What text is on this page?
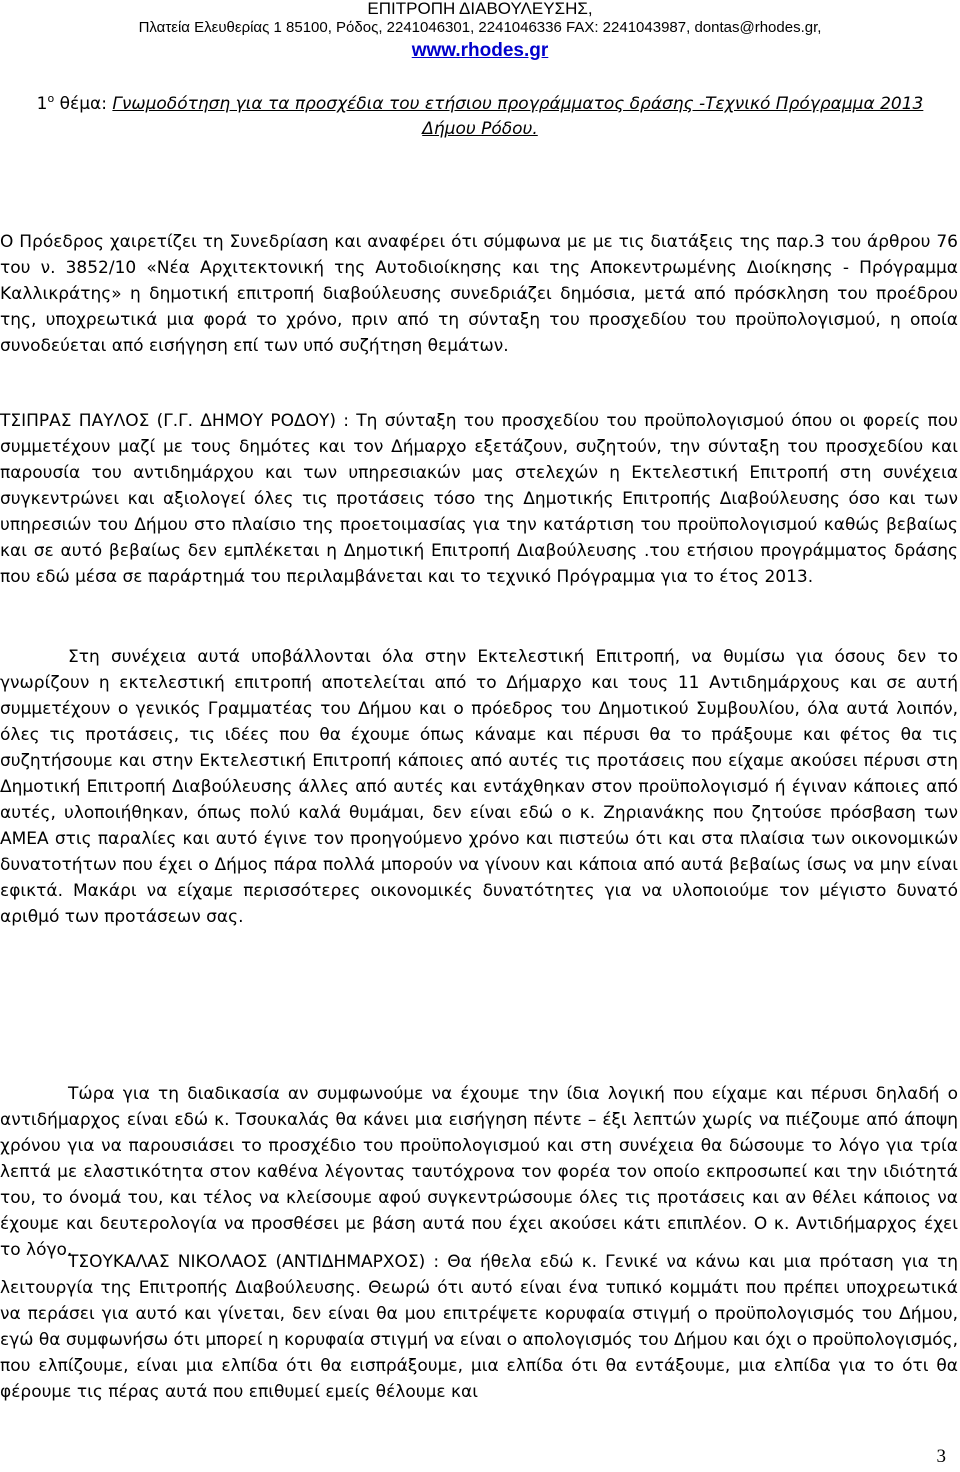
ΕΠΙΤΡΟΠΗ ΔΙΑΒΟΥΛΕΥΣΗΣ,
Πλατεία Ελευθερίας 1 85100, Ρόδος, 2241046301, 2241046336 FAX: 2241043987, dontas@rhodes.gr,
www.rhodes.gr
$1^o$ θέμα: Γνωμοδότηση για τα προσχέδια του ετήσιου προγράμματος δράσης -Τεχνικό Πρόγραμμα 2013 Δήμου Ρόδου.

Ο Πρόεδρος χαιρετίζει τη Συνεδρίαση και αναφέρει ότι σύμφωνα με με τις διατάξεις της παρ.3 του άρθρου 76 του ν. 3852/10 «Νέα Αρχιτεκτονική της Αυτοδιοίκησης και της Αποκεντρωμένης Διοίκησης - Πρόγραμμα Καλλικράτης» η δημοτική επιτροπή διαβούλευσης συνεδριάζει δημόσια, μετά από πρόσκληση του προέδρου της, υποχρεωτικά μια φορά το χρόνο, πριν από τη σύνταξη του προσχεδίου του προϋπολογισμού, η οποία συνοδεύεται από εισήγηση επί των υπό συζήτηση θεμάτων.

ΤΣΙΠΡΑΣ ΠΑΥΛΟΣ (Γ.Γ. ΔΗΜΟΥ ΡΟΔΟΥ) : Τη σύνταξη του προσχεδίου του προϋπολογισμού όπου οι φορείς που συμμετέχουν μαζί με τους δημότες και τον Δήμαρχο εξετάζουν, συζητούν, την σύνταξη του προσχεδίου και παρουσία του αντιδημάρχου και των υπηρεσιακών μας στελεχών η Εκτελεστική Επιτροπή στη συνέχεια συγκεντρώνει και αξιολογεί όλες τις προτάσεις τόσο της Δημοτικής Επιτροπής Διαβούλευσης όσο και των υπηρεσιών του Δήμου στο πλαίσιο της προετοιμασίας για την κατάρτιση του προϋπολογισμού καθώς βεβαίως και σε αυτό βεβαίως δεν εμπλέκεται η Δημοτική Επιτροπή Διαβούλευσης .του ετήσιου προγράμματος δράσης που εδώ μέσα σε παράρτημά του περιλαμβάνεται και το τεχνικό Πρόγραμμα για το έτος 2013.

Στη συνέχεια αυτά υποβάλλονται όλα στην Εκτελεστική Επιτροπή, να θυμίσω για όσους δεν το γνωρίζουν η εκτελεστική επιτροπή αποτελείται από το Δήμαρχο και τους 11 Αντιδημάρχους και σε αυτή συμμετέχουν ο γενικός Γραμματέας του Δήμου και ο πρόεδρος του Δημοτικού Συμβουλίου, όλα αυτά λοιπόν, όλες τις προτάσεις, τις ιδέες που θα έχουμε όπως κάναμε και πέρυσι θα το πράξουμε και φέτος θα τις συζητήσουμε και στην Εκτελεστική Επιτροπή κάποιες από αυτές τις προτάσεις που είχαμε ακούσει πέρυσι στη Δημοτική Επιτροπή Διαβούλευσης άλλες από αυτές και εντάχθηκαν στον προϋπολογισμό ή έγιναν κάποιες από αυτές, υλοποιήθηκαν, όπως πολύ καλά θυμάμαι, δεν είναι εδώ ο κ. Ζηριανάκης που ζητούσε πρόσβαση των ΑΜΕΑ στις παραλίες και αυτό έγινε τον προηγούμενο χρόνο και πιστεύω ότι και στα πλαίσια των οικονομικών δυνατοτήτων που έχει ο Δήμος πάρα πολλά μπορούν να γίνουν και κάποια από αυτά βεβαίως ίσως να μην είναι εφικτά. Μακάρι να είχαμε περισσότερες οικονομικές δυνατότητες για να υλοποιούμε τον μέγιστο δυνατό αριθμό των προτάσεων σας.

Τώρα για τη διαδικασία αν συμφωνούμε να έχουμε την ίδια λογική που είχαμε και πέρυσι δηλαδή ο αντιδήμαρχος είναι εδώ κ. Τσουκαλάς θα κάνει μια εισήγηση πέντε – έξι λεπτών χωρίς να πιέζουμε από άποψη χρόνου για να παρουσιάσει το προσχέδιο του προϋπολογισμού και στη συνέχεια θα δώσουμε το λόγο για τρία λεπτά με ελαστικότητα στον καθένα λέγοντας ταυτόχρονα τον φορέα τον οποίο εκπροσωπεί και την ιδιότητά του, το όνομά του, και τέλος να κλείσουμε αφού συγκεντρώσουμε όλες τις προτάσεις και αν θέλει κάποιος να έχουμε και δευτερολογία να προσθέσει με βάση αυτά που έχει ακούσει κάτι επιπλέον. Ο κ. Αντιδήμαρχος έχει το λόγο.

ΤΣΟΥΚΑΛΑΣ ΝΙΚΟΛΑΟΣ (ΑΝΤΙΔΗΜΑΡΧΟΣ) : Θα ήθελα εδώ κ. Γενικέ να κάνω και μια πρόταση για τη λειτουργία της Επιτροπής Διαβούλευσης. Θεωρώ ότι αυτό είναι ένα τυπικό κομμάτι που πρέπει υποχρεωτικά να περάσει για αυτό και γίνεται, δεν είναι θα μου επιτρέψετε κορυφαία στιγμή ο προϋπολογισμός του Δήμου, εγώ θα συμφωνήσω ότι μπορεί η κορυφαία στιγμή να είναι ο απολογισμός του Δήμου και όχι ο προϋπολογισμός, που ελπίζουμε, είναι μια ελπίδα ότι θα εισπράξουμε, μια ελπίδα ότι θα εντάξουμε, μια ελπίδα για το ότι θα φέρουμε τις πέρας αυτά που επιθυμεί εμείς θέλουμε και

3
